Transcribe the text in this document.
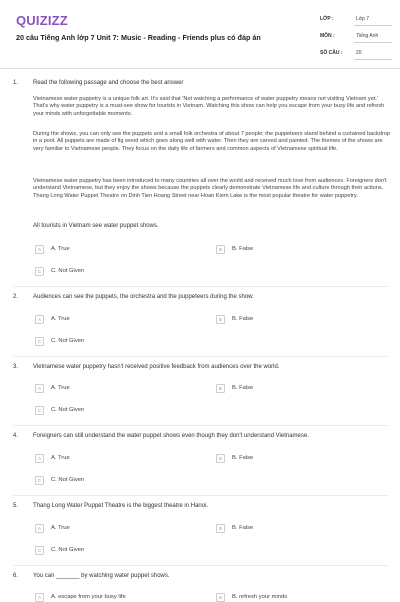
QUIZIZZ
20 câu Tiếng Anh lớp 7 Unit 7: Music - Reading - Friends plus có đáp án
LỚP :	Lớp 7
MÔN :	Tiếng Anh
SỐ CÂU :	20
1. Read the following passage and choose the best answer
Vietnamese water puppetry is a unique folk art. It's said that 'Not watching a performance of water puppetry means not visiting Vietnam yet.' That's why water puppetry is a must-see show for tourists in Vietnam. Watching this show can help you escape from your busy life and refresh your minds with unforgettable moments.
During the shows, you can only see the puppets and a small folk orchestra of about 7 people; the puppeteers stand behind a curtained backdrop in a pool. All puppets are made of fig wood which goes along well with water. Then they are carved and painted. The themes of the shows are very familiar to Vietnamese people. They focus on the daily life of farmers and common aspects of Vietnamese spiritual life.
Vietnamese water puppetry has been introduced to many countries all over the world and received much love from audiences. Foreigners don't understand Vietnamese, but they enjoy the shows because the puppets clearly demonstrate Vietnamese life and culture through their actions. Thang Long Water Puppet Theatre on Dinh Tien Hoang Street near Hoan Kiem Lake is the most popular theatre for water puppetry.
All tourists in Vietnam see water puppet shows.
A	A. True	B	B. False
C	C. Not Given
2. Audiences can see the puppets, the orchestra and the puppeteers during the show.
A	A. True	B	B. False
C	C. Not Given
3. Vietnamese water puppetry hasn't received positive feedback from audiences over the world.
A	A. True	B	B. False
C	C. Not Given
4. Foreigners can still understand the water puppet shows even though they don't understand Vietnamese.
A	A. True	B	B. False
C	C. Not Given
5. Thang Long Water Puppet Theatre is the biggest theatre in Hanoi.
A	A. True	B	B. False
C	C. Not Given
6. You can _______ by watching water puppet shows.
A	A. escape from your busy life	B	B. refresh your minds
